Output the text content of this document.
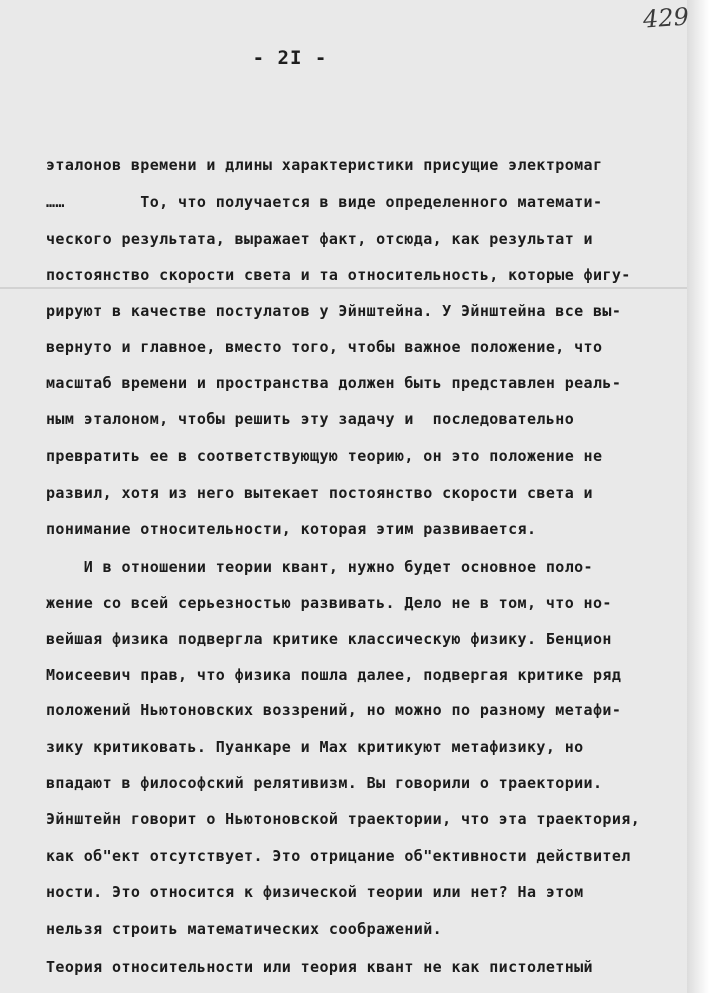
429
- 2I -
эталонов времени и длины характеристики присущие электромаг
……        То, что получается в виде определенного математи-
ческого результата, выражает факт, отсюда, как результат и
постоянство скорости света и та относительность, которые фигу-
рируют в качестве постулатов у Эйнштейна. У Эйнштейна все вы-
вернуто и главное, вместо того, чтобы важное положение, что
масштаб времени и пространства должен быть представлен реаль-
ным эталоном, чтобы решить эту задачу и  последовательно
превратить ее в соответствующую теорию, он это положение не
развил, хотя из него вытекает постоянство скорости света и
понимание относительности, которая этим развивается.
И в отношении теории квант, нужно будет основное поло-
жение со всей серьезностью развивать. Дело не в том, что но-
вейшая физика подвергла критике классическую физику. Бенцион
Моисеевич прав, что физика пошла далее, подвергая критике ряд
положений Ньютоновских воззрений, но можно по разному метафи-
зику критиковать. Пуанкаре и Мах критикуют метафизику, но
впадают в философский релятивизм. Вы говорили о траектории.
Эйнштейн говорит о Ньютоновской траектории, что эта траектория,
как об"ект отсутствует. Это отрицание об"ективности действител
ности. Это относится к физической теории или нет? На этом
нельзя строить математических соображений.
Теория относительности или теория квант не как пистолетный
